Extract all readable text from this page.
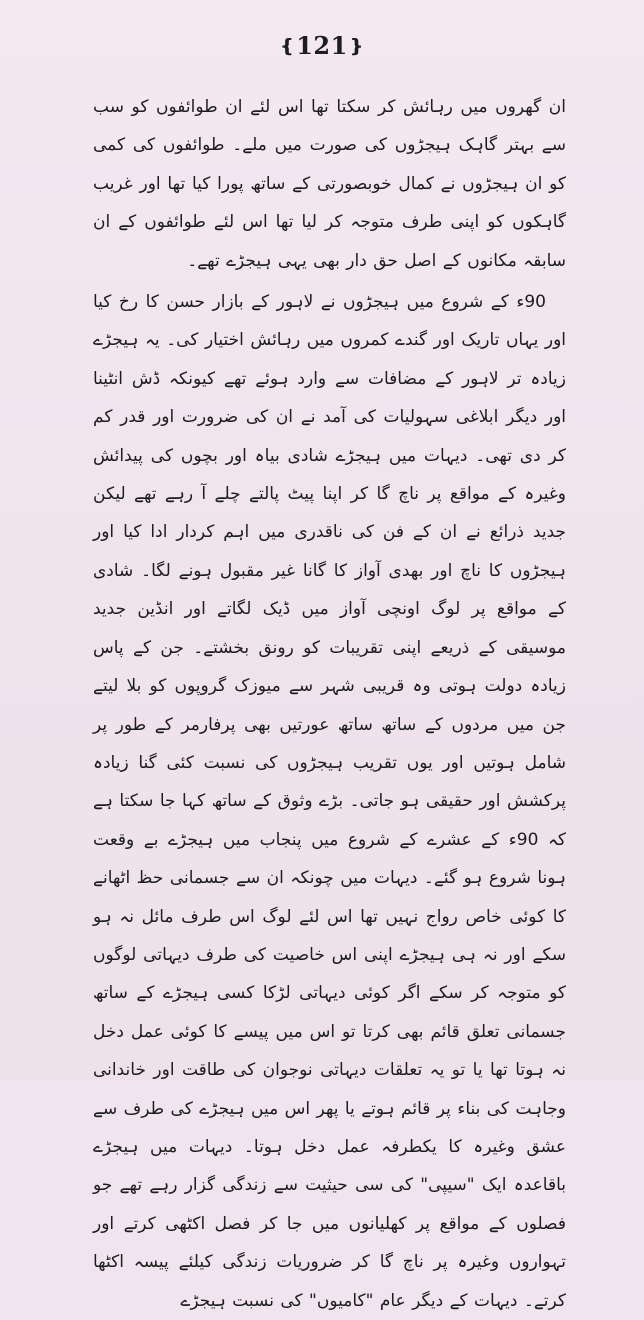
❴121❵

ان گھروں میں رہائش کر سکتا تھا اس لئے ان طوائفوں کو سب سے بہتر گاہک ہیجڑوں کی صورت میں ملے۔ طوائفوں کی کمی کو ان ہیجڑوں نے کمال خوبصورتی کے ساتھ پورا کیا تھا اور غریب گاہکوں کو اپنی طرف متوجہ کر لیا تھا اس لئے طوائفوں کے ان سابقہ مکانوں کے اصل حق دار بھی یہی ہیجڑے تھے۔

90ء کے شروع میں ہیجڑوں نے لاہور کے بازار حسن کا رخ کیا اور یہاں تاریک اور گندے کمروں میں رہائش اختیار کی۔ یہ ہیجڑے زیادہ تر لاہور کے مضافات سے وارد ہوئے تھے کیونکہ ڈش انٹینا اور دیگر ابلاغی سہولیات کی آمد نے ان کی ضرورت اور قدر کم کر دی تھی۔ دیہات میں ہیجڑے شادی بیاہ اور بچوں کی پیدائش وغیرہ کے مواقع پر ناچ گا کر اپنا پیٹ پالتے چلے آ رہے تھے لیکن جدید ذرائع نے ان کے فن کی ناقدری میں اہم کردار ادا کیا اور ہیجڑوں کا ناچ اور بھدی آواز کا گانا غیر مقبول ہونے لگا۔ شادی کے مواقع پر لوگ اونچی آواز میں ڈیک لگاتے اور انڈین جدید موسیقی کے ذریعے اپنی تقریبات کو رونق بخشتے۔ جن کے پاس زیادہ دولت ہوتی وہ قریبی شہر سے میوزک گروپوں کو بلا لیتے جن میں مردوں کے ساتھ ساتھ عورتیں بھی پرفارمر کے طور پر شامل ہوتیں اور یوں تقریب ہیجڑوں کی نسبت کئی گنا زیادہ پرکشش اور حقیقی ہو جاتی۔ بڑے وثوق کے ساتھ کہا جا سکتا ہے کہ 90ء کے عشرے کے شروع میں پنجاب میں ہیجڑے بے وقعت ہونا شروع ہو گئے۔ دیہات میں چونکہ ان سے جسمانی حظ اٹھانے کا کوئی خاص رواج نہیں تھا اس لئے لوگ اس طرف مائل نہ ہو سکے اور نہ ہی ہیجڑے اپنی اس خاصیت کی طرف دیہاتی لوگوں کو متوجہ کر سکے اگر کوئی دیہاتی لڑکا کسی ہیجڑے کے ساتھ جسمانی تعلق قائم بھی کرتا تو اس میں پیسے کا کوئی عمل دخل نہ ہوتا تھا یا تو یہ تعلقات دیہاتی نوجوان کی طاقت اور خاندانی وجاہت کی بناء پر قائم ہوتے یا پھر اس میں ہیجڑے کی طرف سے عشق وغیرہ کا یکطرفہ عمل دخل ہوتا۔ دیہات میں ہیجڑے باقاعدہ ایک "سیپی" کی سی حیثیت سے زندگی گزار رہے تھے جو فصلوں کے مواقع پر کھلیانوں میں جا کر فصل اکٹھی کرتے اور تہواروں وغیرہ پر ناچ گا کر ضروریات زندگی کیلئے پیسہ اکٹھا کرتے۔ دیہات کے دیگر عام "کامیوں" کی نسبت ہیجڑے
